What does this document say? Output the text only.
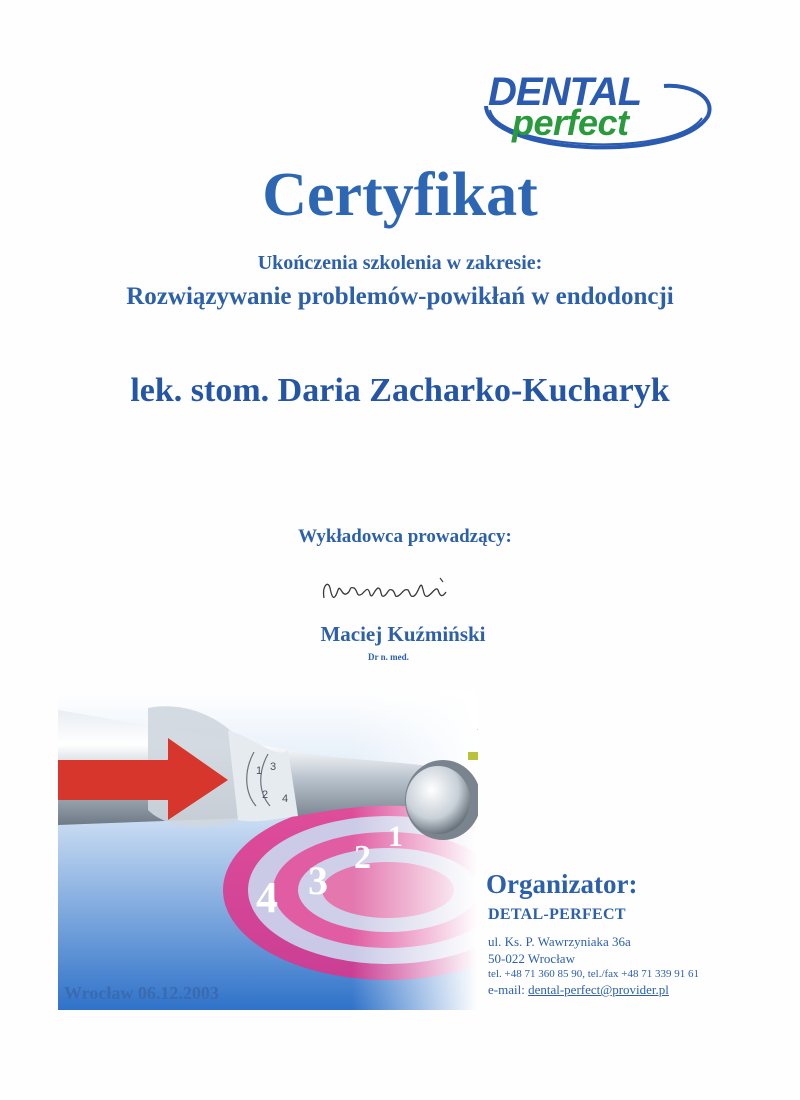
DENTAL
perfect
Certyfikat
Ukończenia szkolenia w zakresie:
Rozwiązywanie problemów-powikłań w endodoncji
lek. stom. Daria Zacharko-Kucharyk
Wykładowca prowadzący:
Maciej Kuźmiński
Dr n. med.
1 3
2 4
4 3
2
1
Organizator:
DETAL-PERFECT
ul. Ks. P. Wawrzyniaka 36a
50-022 Wrocław
tel. +48 71 360 85 90, tel./fax +48 71 339 91 61
e-mail: dental-perfect@provider.pl
Wrocław 06.12.2003
